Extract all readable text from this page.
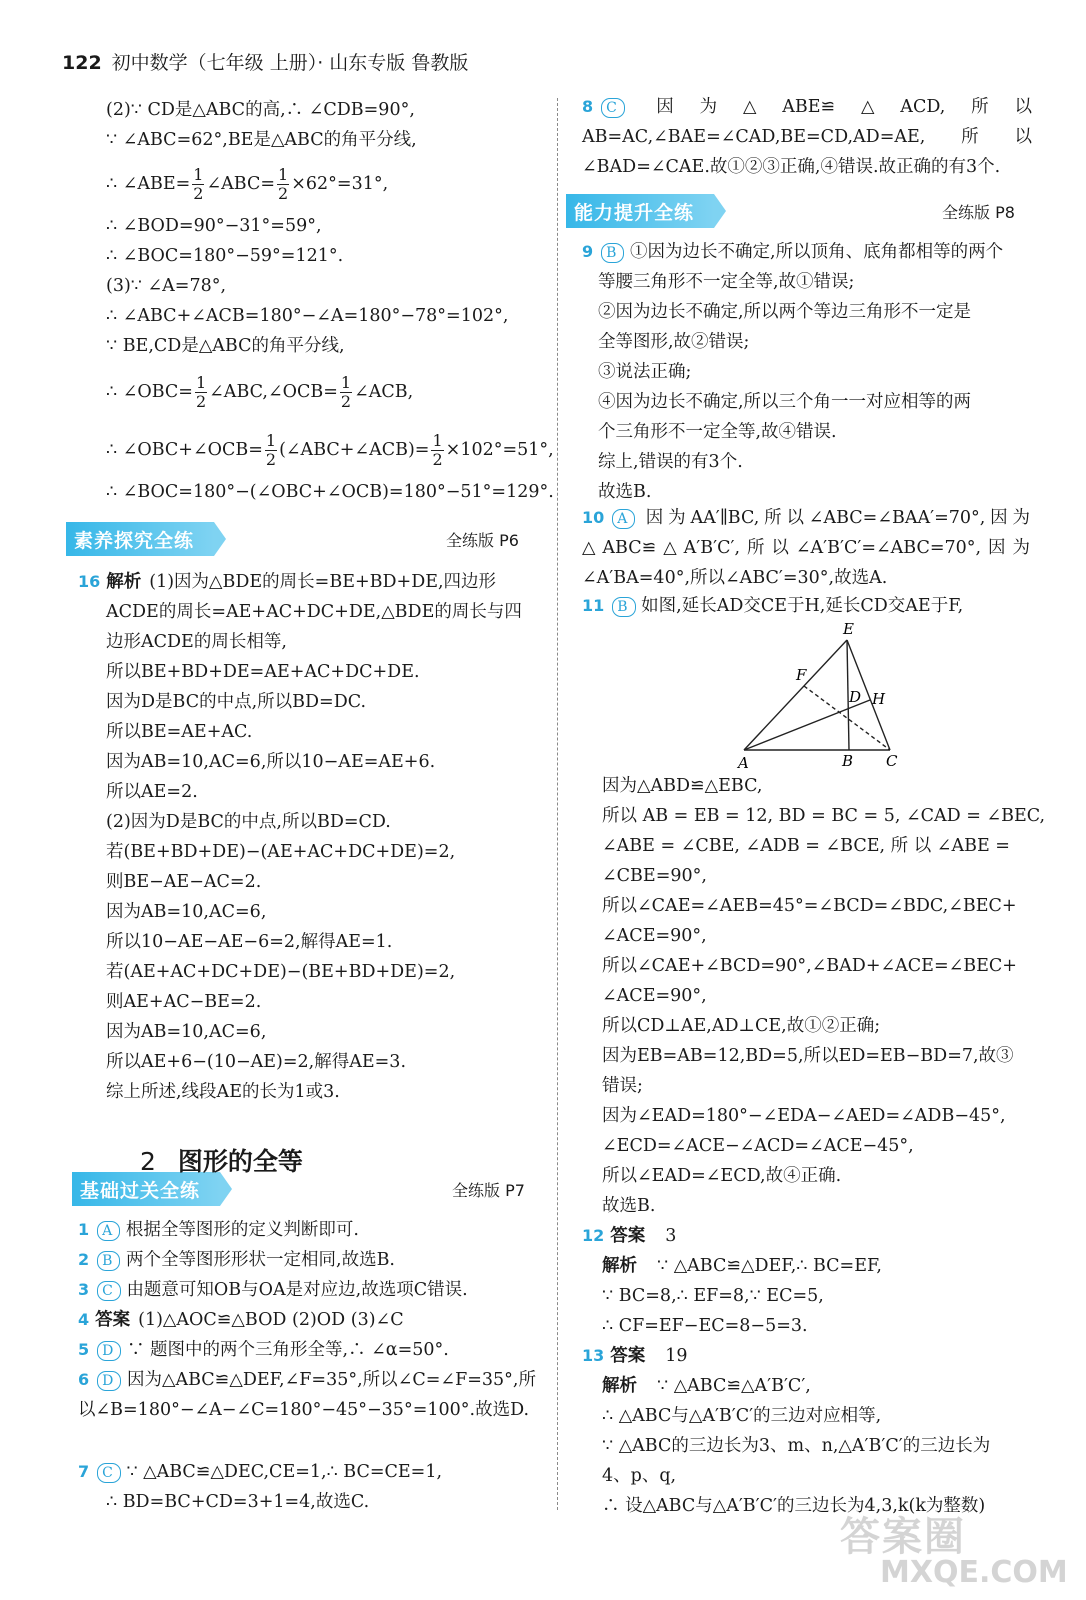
122 初中数学（七年级 上册）· 山东专版 鲁教版
(2)∵ CD是△ABC的高,∴ ∠CDB=90°,
∵ ∠ABC=62°,BE是△ABC的角平分线,
∴ ∠ABE= $\frac{1}{2}$ ∠ABC= $\frac{1}{2} \times 62^\circ=31^\circ$,
∴ ∠BOD=90°−31°=59°,
∴ ∠BOC=180°−59°=121°.
(3)∵ ∠A=78°,
∴ ∠ABC+∠ACB=180°−∠A=180°−78°=102°,
∵ BE,CD是△ABC的角平分线,
∴ ∠OBC= $\frac{1}{2}$ ∠ABC,∠OCB= $\frac{1}{2}$ ∠ACB,
∴ ∠OBC+∠OCB= $\frac{1}{2}$ (∠ABC+∠ACB)= $\frac{1}{2} \times 102^\circ=51^\circ$,
∴ ∠BOC=180°−(∠OBC+∠OCB)=180°−51°=129°.
素养探究全练	全练版 P6
16 解析 (1)因为△BDE的周长=BE+BD+DE,四边形
ACDE的周长=AE+AC+DC+DE,△BDE的周长与四
边形ACDE的周长相等,
所以BE+BD+DE=AE+AC+DC+DE.
因为D是BC的中点,所以BD=DC.
所以BE=AE+AC.
因为AB=10,AC=6,所以10−AE=AE+6.
所以AE=2.
(2)因为D是BC的中点,所以BD=CD.
若(BE+BD+DE)−(AE+AC+DC+DE)=2,
则BE−AE−AC=2.
因为AB=10,AC=6,
所以10−AE−AE−6=2,解得AE=1.
若(AE+AC+DC+DE)−(BE+BD+DE)=2,
则AE+AC−BE=2.
因为AB=10,AC=6,
所以AE+6−(10−AE)=2,解得AE=3.
综上所述,线段AE的长为1或3.
基础过关全练	全练版 P7
1 A 根据全等图形的定义判断即可.
2 B 两个全等图形形状一定相同,故选B.
3 C 由题意可知OB与OA是对应边,故选项C错误.
4 答案 (1)△AOC≌△BOD (2)OD (3)∠C
5 D ∵ 题图中的两个三角形全等,∴ ∠α=50°.
6 D 因为△ABC≌△DEF,∠F=35°,所以∠C=∠F=35°,所以∠B=180°−∠A−∠C=180°−45°−35°=100°.故选D.
7 C ∵ △ABC≌△DEC,CE=1,∴ BC=CE=1,
∴ BD=BC+CD=3+1=4,故选C.
2 图形的全等
8 C 因为△ABE≌△ACD,所以AB=AC,∠BAE=∠CAD,BE=CD,AD=AE,所以∠BAD=∠CAE.故①②③正确,④错误.故正确的有3个.
能力提升全练	全练版 P8
9 B ①因为边长不确定,所以顶角、底角都相等的两个
等腰三角形不一定全等,故①错误;
②因为边长不确定,所以两个等边三角形不一定是
全等图形,故②错误;
③说法正确;
④因为边长不确定,所以三个角一一对应相等的两
个三角形不一定全等,故④错误.
综上,错误的有3个.
故选B.
10 A 因为AA′∥BC,所以∠ABC=∠BAA′=70°,因为△ABC≌△A′B′C′,所以∠A′B′C′=∠ABC=70°,因为∠A′BA=40°,所以∠ABC′=30°,故选A.
11 B 如图,延长AD交CE于H,延长CD交AE于F,
E
F
D H
A	B C
因为△ABD≌△EBC,
所以 AB = EB = 12, BD = BC = 5, ∠CAD = ∠BEC,
∠ABE = ∠CBE, ∠ADB = ∠BCE, 所 以 ∠ABE =
∠CBE=90°,
所以∠CAE=∠AEB=45°=∠BCD=∠BDC,∠BEC+
∠ACE=90°,
所以∠CAE+∠BCD=90°,∠BAD+∠ACE=∠BEC+
∠ACE=90°,
所以CD⊥AE,AD⊥CE,故①②正确;
因为EB=AB=12,BD=5,所以ED=EB−BD=7,故③
错误;
因为∠EAD=180°−∠EDA−∠AED=∠ADB−45°,
∠ECD=∠ACE−∠ACD=∠ACE−45°,
所以∠EAD=∠ECD,故④正确.
故选B.
12 答案 3
解析 ∵ △ABC≌△DEF,∴ BC=EF,
∵ BC=8,∴ EF=8,∵ EC=5,
∴ CF=EF−EC=8−5=3.
13 答案 19
解析 ∵ △ABC≌△A′B′C′,
∴ △ABC与△A′B′C′的三边对应相等,
∵ △ABC的三边长为3、m、n,△A′B′C′的三边长为
4、p、q,
∴ 设△ABC与△A′B′C′的三边长为4,3,k(k为整数)
答案圈
MXQE.COM
